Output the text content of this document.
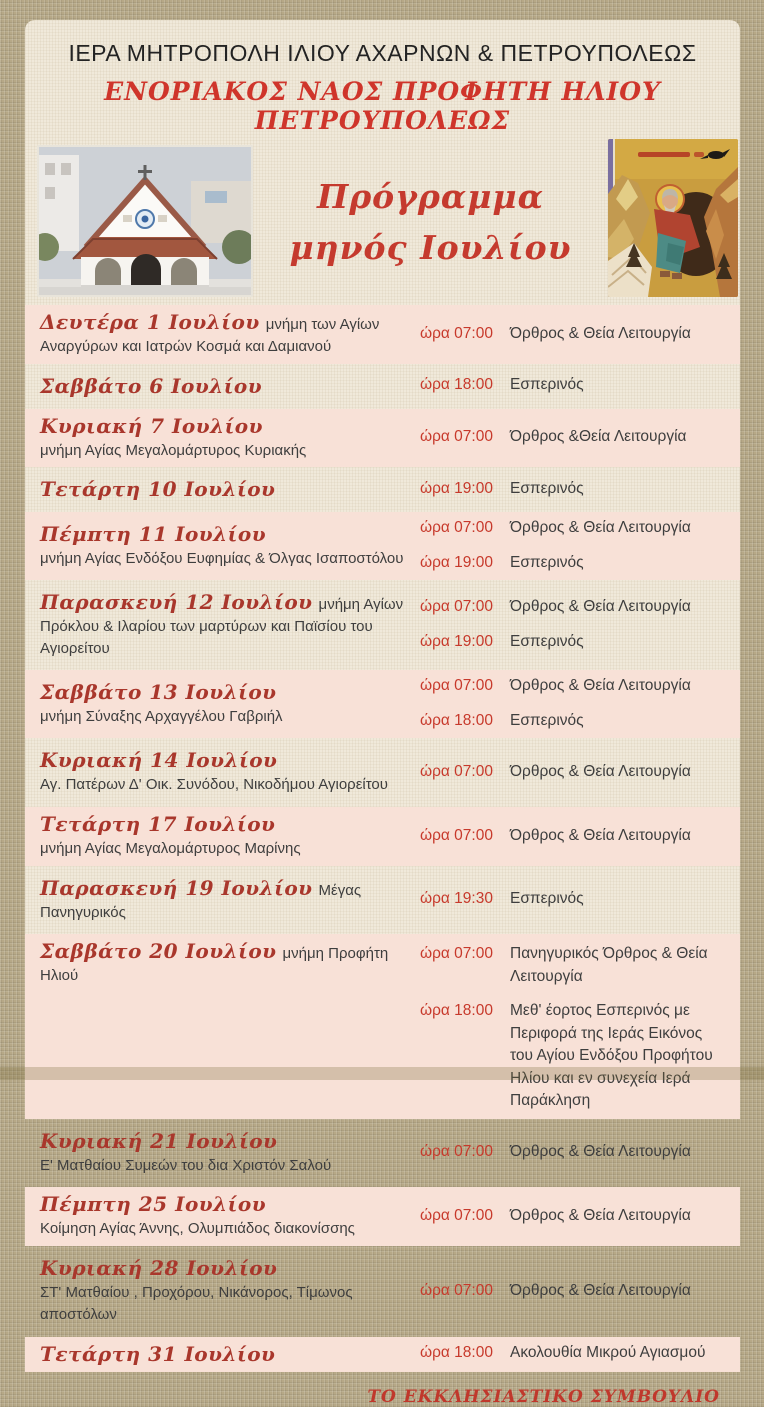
ΙΕΡΑ ΜΗΤΡΟΠΟΛΗ ΙΛΙΟΥ ΑΧΑΡΝΩΝ & ΠΕΤΡΟΥΠΟΛΕΩΣ
ΕΝΟΡΙΑΚΟΣ ΝΑΟΣ ΠΡΟΦΗΤΗ ΗΛΙΟΥ ΠΕΤΡΟΥΠΟΛΕΩΣ
Πρόγραμμα
μηνός Ιουλίου
Δευτέρα 1 Ιουλίου μνήμη των Αγίων Αναργύρων και Ιατρών Κοσμά και Δαμιανού
ώρα 07:00	Όρθρος & Θεία Λειτουργία
Σαββάτο 6 Ιουλίου	ώρα 18:00	Εσπερινός
Κυριακή 7 Ιουλίου
μνήμη Αγίας Μεγαλομάρτυρος Κυριακής
ώρα 07:00	Όρθρος &Θεία Λειτουργία
Τετάρτη 10 Ιουλίου	ώρα 19:00	Εσπερινός
Πέμπτη 11 Ιουλίου
μνήμη Αγίας Ενδόξου Ευφημίας & Όλγας Ισαποστόλου
ώρα 07:00	Όρθρος & Θεία Λειτουργία
ώρα 19:00	Εσπερινός
Παρασκευή 12 Ιουλίου μνήμη Αγίων Πρόκλου & Ιλαρίου των μαρτύρων και Παϊσίου του Αγιορείτου
ώρα 07:00	Όρθρος & Θεία Λειτουργία
ώρα 19:00	Εσπερινός
Σαββάτο 13 Ιουλίου
μνήμη Σύναξης Αρχαγγέλου Γαβριήλ
ώρα 07:00	Όρθρος & Θεία Λειτουργία
ώρα 18:00	Εσπερινός
Κυριακή 14 Ιουλίου
Αγ. Πατέρων Δ' Οικ. Συνόδου, Νικοδήμου Αγιορείτου
ώρα 07:00	Όρθρος & Θεία Λειτουργία
Τετάρτη 17 Ιουλίου
μνήμη Αγίας Μεγαλομάρτυρος Μαρίνης
ώρα 07:00	Όρθρος & Θεία Λειτουργία
Παρασκευή 19 Ιουλίου Μέγας Πανηγυρικός
ώρα 19:30	Εσπερινός
Σαββάτο 20 Ιουλίου μνήμη Προφήτη Ηλιού
ώρα 07:00	Πανηγυρικός Όρθρος & Θεία Λειτουργία
ώρα 18:00	Μεθ' έορτος Εσπερινός με Περιφορά της Ιεράς Εικόνος του Αγίου Ενδόξου Προφήτου Ηλίου και εν συνεχεία Ιερά Παράκληση
Κυριακή 21 Ιουλίου
Ε' Ματθαίου Συμεών του δια Χριστόν Σαλού
ώρα 07:00	Όρθρος & Θεία Λειτουργία
Πέμπτη 25 Ιουλίου
Κοίμηση Αγίας Άννης, Ολυμπιάδος διακονίσσης
ώρα 07:00	Όρθρος & Θεία Λειτουργία
Κυριακή 28 Ιουλίου
ΣΤ' Ματθαίου , Προχόρου, Νικάνορος, Τίμωνος αποστόλων
ώρα 07:00	Όρθρος & Θεία Λειτουργία
Τετάρτη 31 Ιουλίου	ώρα 18:00	Ακολουθία Μικρού Αγιασμού
ΤΟ ΕΚΚΛΗΣΙΑΣΤΙΚΟ ΣΥΜΒΟΥΛΙΟ
